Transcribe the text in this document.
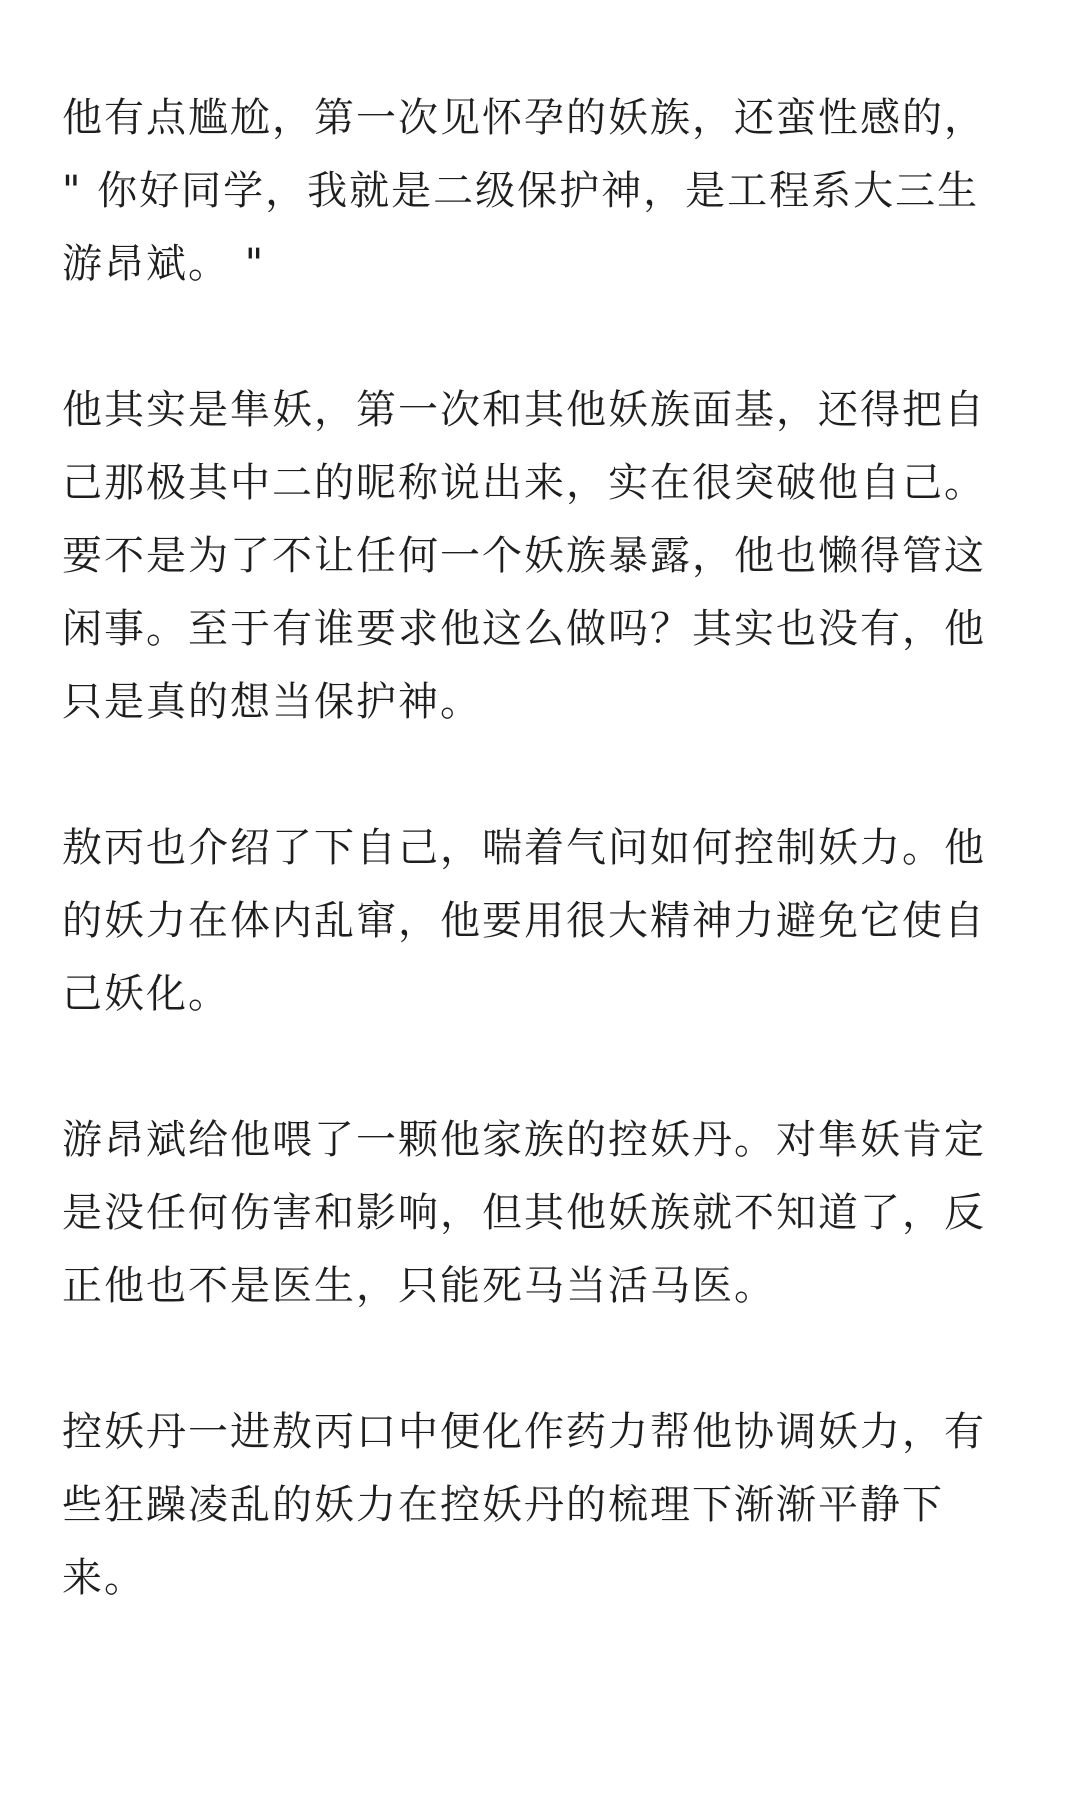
他有点尴尬，第一次见怀孕的妖族，还蛮性感的，
" 你好同学，我就是二级保护神，是工程系大三生
游昂斌。 "
他其实是隼妖，第一次和其他妖族面基，还得把自
己那极其中二的昵称说出来，实在很突破他自己。
要不是为了不让任何一个妖族暴露，他也懒得管这
闲事。至于有谁要求他这么做吗？其实也没有，他
只是真的想当保护神。
敖丙也介绍了下自己，喘着气问如何控制妖力。他
的妖力在体内乱窜，他要用很大精神力避免它使自
己妖化。
游昂斌给他喂了一颗他家族的控妖丹。对隼妖肯定
是没任何伤害和影响，但其他妖族就不知道了，反
正他也不是医生，只能死马当活马医。
控妖丹一进敖丙口中便化作药力帮他协调妖力，有
些狂躁凌乱的妖力在控妖丹的梳理下渐渐平静下
来。
